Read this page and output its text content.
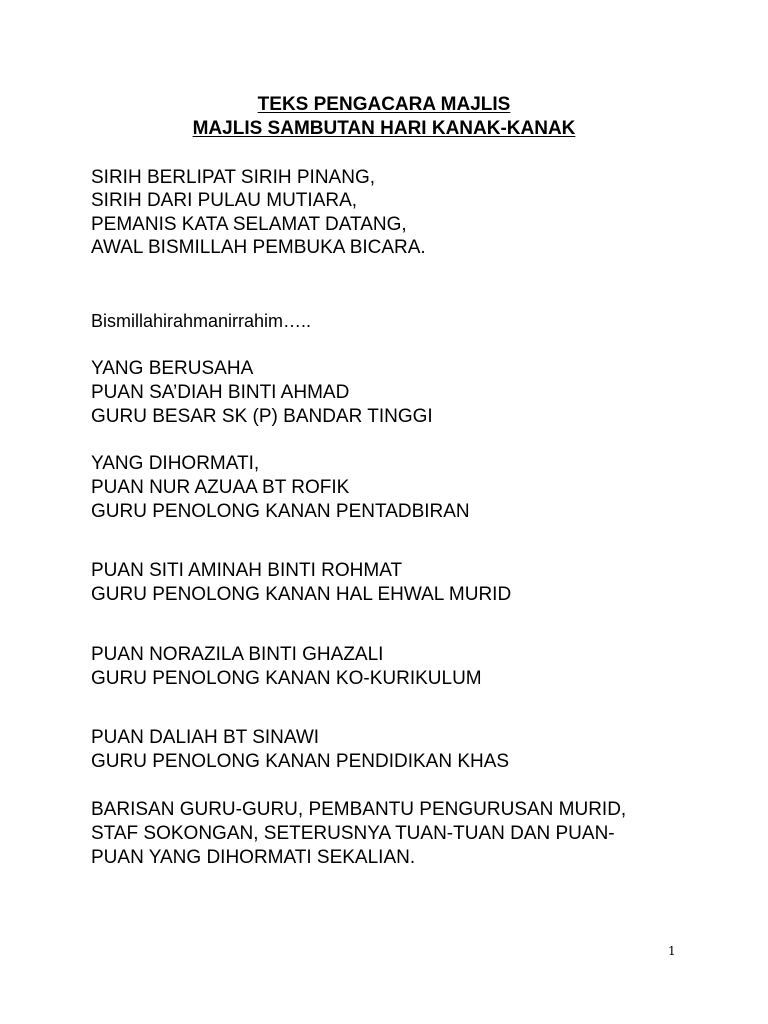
TEKS PENGACARA MAJLIS
MAJLIS SAMBUTAN HARI KANAK-KANAK
SIRIH BERLIPAT SIRIH PINANG,
SIRIH DARI PULAU MUTIARA,
PEMANIS KATA SELAMAT DATANG,
AWAL BISMILLAH PEMBUKA BICARA.
Bismillahirahmanirrahim…..
YANG BERUSAHA
PUAN SA’DIAH BINTI AHMAD
GURU BESAR SK (P) BANDAR TINGGI
YANG DIHORMATI,
PUAN NUR AZUAA BT ROFIK
GURU PENOLONG KANAN PENTADBIRAN
PUAN SITI AMINAH BINTI ROHMAT
GURU PENOLONG KANAN HAL EHWAL MURID
PUAN NORAZILA BINTI GHAZALI
GURU PENOLONG KANAN KO-KURIKULUM
PUAN DALIAH BT SINAWI
GURU PENOLONG KANAN PENDIDIKAN KHAS
BARISAN GURU-GURU, PEMBANTU PENGURUSAN MURID,
STAF SOKONGAN, SETERUSNYA TUAN-TUAN DAN PUAN-
PUAN YANG DIHORMATI SEKALIAN.
1
